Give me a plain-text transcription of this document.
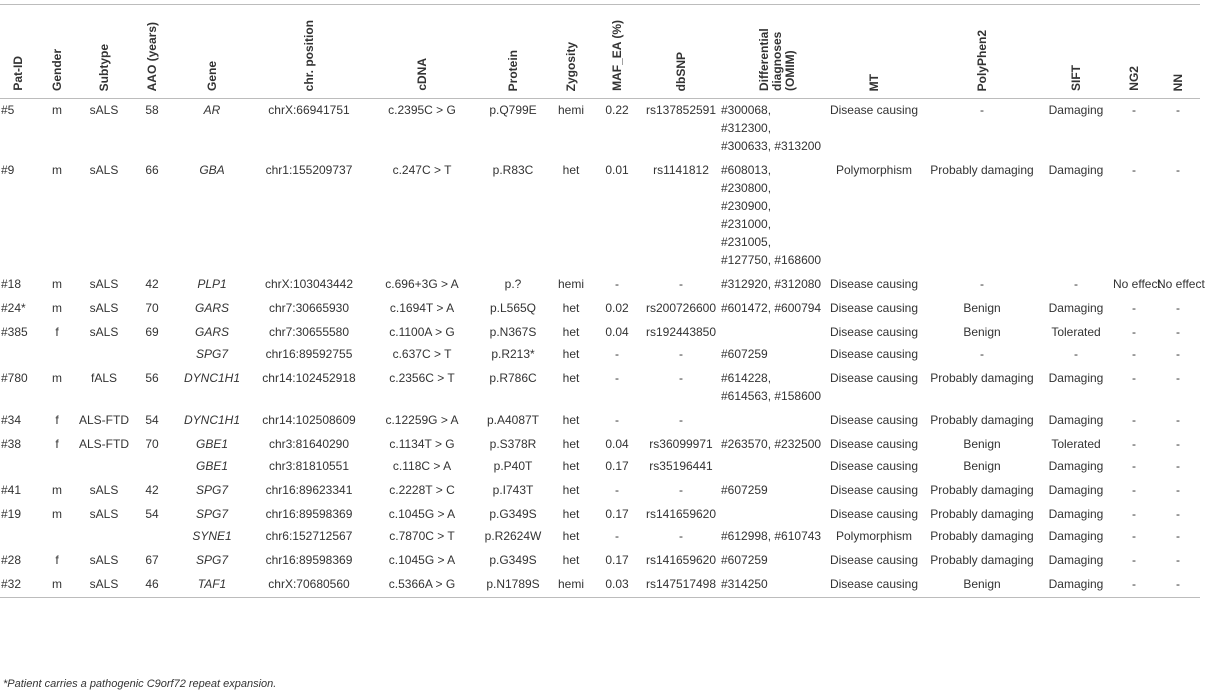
Pat-ID	Gender	Subtype	AAO (years)	Gene	chr. position	cDNA	Protein	Zygosity	MAF_EA (%)	dbSNP	Differential diagnoses (OMIM)	MT	PolyPhen2	SIFT	NG2	NN
#5	m	sALS	58	AR	chrX:66941751	c.2395C > G	p.Q799E	hemi	0.22	rs137852591	#300068, #312300, #300633, #313200	Disease causing	-	Damaging	-	-
#9	m	sALS	66	GBA	chr1:155209737	c.247C > T	p.R83C	het	0.01	rs1141812	#608013, #230800, #230900, #231000, #231005, #127750, #168600	Polymorphism	Probably damaging	Damaging	-	-
#18	m	sALS	42	PLP1	chrX:103043442	c.696+3G > A	p.?	hemi	-	-	#312920, #312080	Disease causing	-	-	No effect	No effect
#24*	m	sALS	70	GARS	chr7:30665930	c.1694T > A	p.L565Q	het	0.02	rs200726600	#601472, #600794	Disease causing	Benign	Damaging	-	-
#385	f	sALS	69	GARS	chr7:30655580	c.1100A > G	p.N367S	het	0.04	rs192443850		Disease causing	Benign	Tolerated	-	-
				SPG7	chr16:89592755	c.637C > T	p.R213*	het	-	-	#607259	Disease causing	-	-	-	-
#780	m	fALS	56	DYNC1H1	chr14:102452918	c.2356C > T	p.R786C	het	-	-	#614228, #614563, #158600	Disease causing	Probably damaging	Damaging	-	-
#34	f	ALS-FTD	54	DYNC1H1	chr14:102508609	c.12259G > A	p.A4087T	het	-	-		Disease causing	Probably damaging	Damaging	-	-
#38	f	ALS-FTD	70	GBE1	chr3:81640290	c.1134T > G	p.S378R	het	0.04	rs36099971	#263570, #232500	Disease causing	Benign	Tolerated	-	-
				GBE1	chr3:81810551	c.118C > A	p.P40T	het	0.17	rs35196441		Disease causing	Benign	Damaging	-	-
#41	m	sALS	42	SPG7	chr16:89623341	c.2228T > C	p.I743T	het	-	-	#607259	Disease causing	Probably damaging	Damaging	-	-
#19	m	sALS	54	SPG7	chr16:89598369	c.1045G > A	p.G349S	het	0.17	rs141659620		Disease causing	Probably damaging	Damaging	-	-
				SYNE1	chr6:152712567	c.7870C > T	p.R2624W	het	-	-	#612998, #610743	Polymorphism	Probably damaging	Damaging	-	-
#28	f	sALS	67	SPG7	chr16:89598369	c.1045G > A	p.G349S	het	0.17	rs141659620	#607259	Disease causing	Probably damaging	Damaging	-	-
#32	m	sALS	46	TAF1	chrX:70680560	c.5366A > G	p.N1789S	hemi	0.03	rs147517498	#314250	Disease causing	Benign	Damaging	-	-
*Patient carries a pathogenic C9orf72 repeat expansion.
